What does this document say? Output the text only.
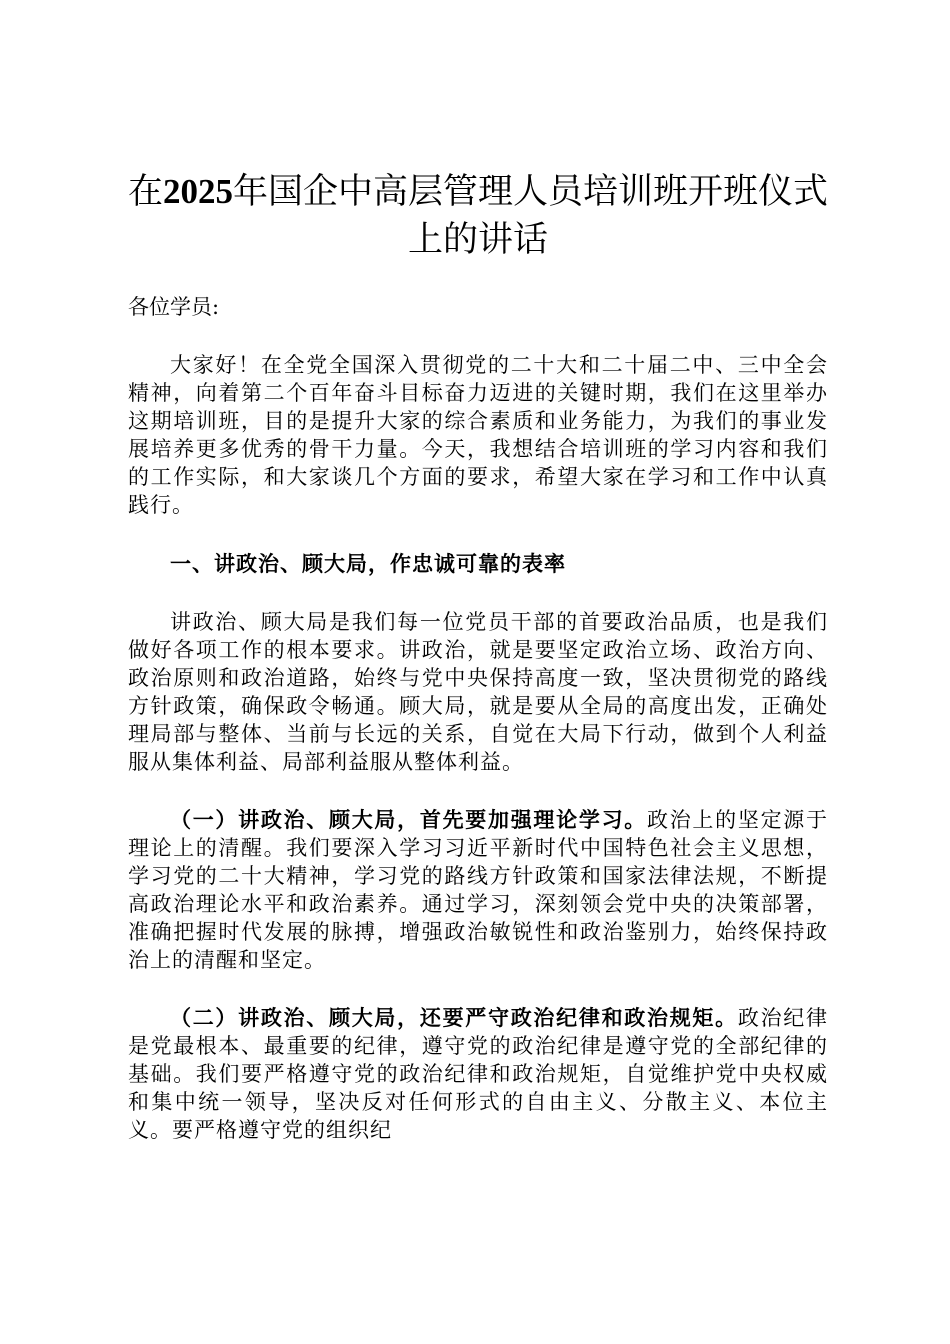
在2025年国企中高层管理人员培训班开班仪式上的讲话

各位学员:

大家好！在全党全国深入贯彻党的二十大和二十届二中、三中全会精神，向着第二个百年奋斗目标奋力迈进的关键时期，我们在这里举办这期培训班，目的是提升大家的综合素质和业务能力，为我们的事业发展培养更多优秀的骨干力量。今天，我想结合培训班的学习内容和我们的工作实际，和大家谈几个方面的要求，希望大家在学习和工作中认真践行。

一、讲政治、顾大局，作忠诚可靠的表率

讲政治、顾大局是我们每一位党员干部的首要政治品质，也是我们做好各项工作的根本要求。讲政治，就是要坚定政治立场、政治方向、政治原则和政治道路，始终与党中央保持高度一致，坚决贯彻党的路线方针政策，确保政令畅通。顾大局，就是要从全局的高度出发，正确处理局部与整体、当前与长远的关系，自觉在大局下行动，做到个人利益服从集体利益、局部利益服从整体利益。

（一）讲政治、顾大局，首先要加强理论学习。政治上的坚定源于理论上的清醒。我们要深入学习习近平新时代中国特色社会主义思想，学习党的二十大精神，学习党的路线方针政策和国家法律法规，不断提高政治理论水平和政治素养。通过学习，深刻领会党中央的决策部署，准确把握时代发展的脉搏，增强政治敏锐性和政治鉴别力，始终保持政治上的清醒和坚定。

（二）讲政治、顾大局，还要严守政治纪律和政治规矩。政治纪律是党最根本、最重要的纪律，遵守党的政治纪律是遵守党的全部纪律的基础。我们要严格遵守党的政治纪律和政治规矩，自觉维护党中央权威和集中统一领导，坚决反对任何形式的自由主义、分散主义、本位主义。要严格遵守党的组织纪
